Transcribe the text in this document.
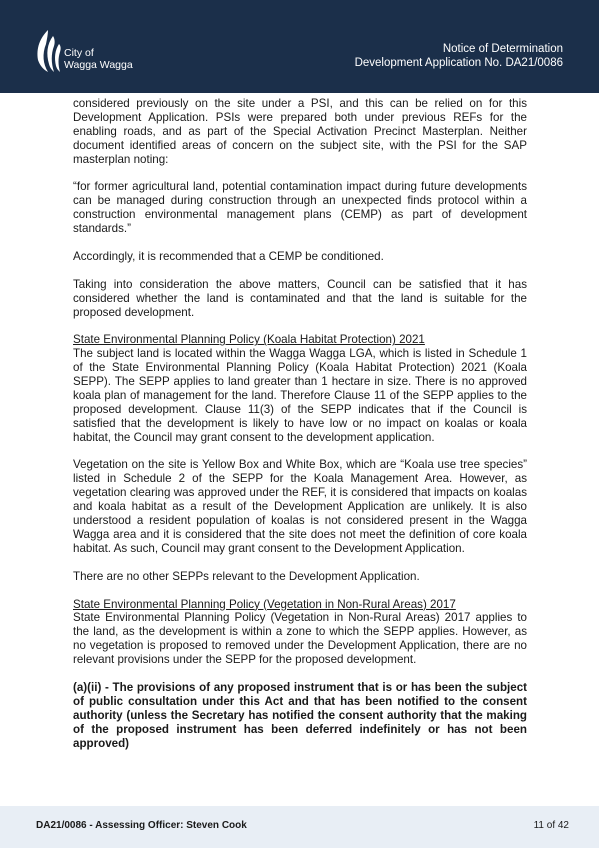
City of
Wagga Wagga
Notice of Determination
Development Application No. DA21/0086

considered previously on the site under a PSI, and this can be relied on for this Development Application. PSIs were prepared both under previous REFs for the enabling roads, and as part of the Special Activation Precinct Masterplan. Neither document identified areas of concern on the subject site, with the PSI for the SAP masterplan noting:

“for former agricultural land, potential contamination impact during future developments can be managed during construction through an unexpected finds protocol within a construction environmental management plans (CEMP) as part of development standards.”

Accordingly, it is recommended that a CEMP be conditioned.

Taking into consideration the above matters, Council can be satisfied that it has considered whether the land is contaminated and that the land is suitable for the proposed development.

State Environmental Planning Policy (Koala Habitat Protection) 2021

The subject land is located within the Wagga Wagga LGA, which is listed in Schedule 1 of the State Environmental Planning Policy (Koala Habitat Protection) 2021 (Koala SEPP). The SEPP applies to land greater than 1 hectare in size. There is no approved koala plan of management for the land. Therefore Clause 11 of the SEPP applies to the proposed development. Clause 11(3) of the SEPP indicates that if the Council is satisfied that the development is likely to have low or no impact on koalas or koala habitat, the Council may grant consent to the development application.

Vegetation on the site is Yellow Box and White Box, which are “Koala use tree species” listed in Schedule 2 of the SEPP for the Koala Management Area. However, as vegetation clearing was approved under the REF, it is considered that impacts on koalas and koala habitat as a result of the Development Application are unlikely. It is also understood a resident population of koalas is not considered present in the Wagga Wagga area and it is considered that the site does not meet the definition of core koala habitat. As such, Council may grant consent to the Development Application.

There are no other SEPPs relevant to the Development Application.

State Environmental Planning Policy (Vegetation in Non-Rural Areas) 2017

State Environmental Planning Policy (Vegetation in Non-Rural Areas) 2017 applies to the land, as the development is within a zone to which the SEPP applies. However, as no vegetation is proposed to removed under the Development Application, there are no relevant provisions under the SEPP for the proposed development.

(a)(ii) - The provisions of any proposed instrument that is or has been the subject of public consultation under this Act and that has been notified to the consent authority (unless the Secretary has notified the consent authority that the making of the proposed instrument has been deferred indefinitely or has not been approved)

DA21/0086 - Assessing Officer: Steven Cook	11 of 42
